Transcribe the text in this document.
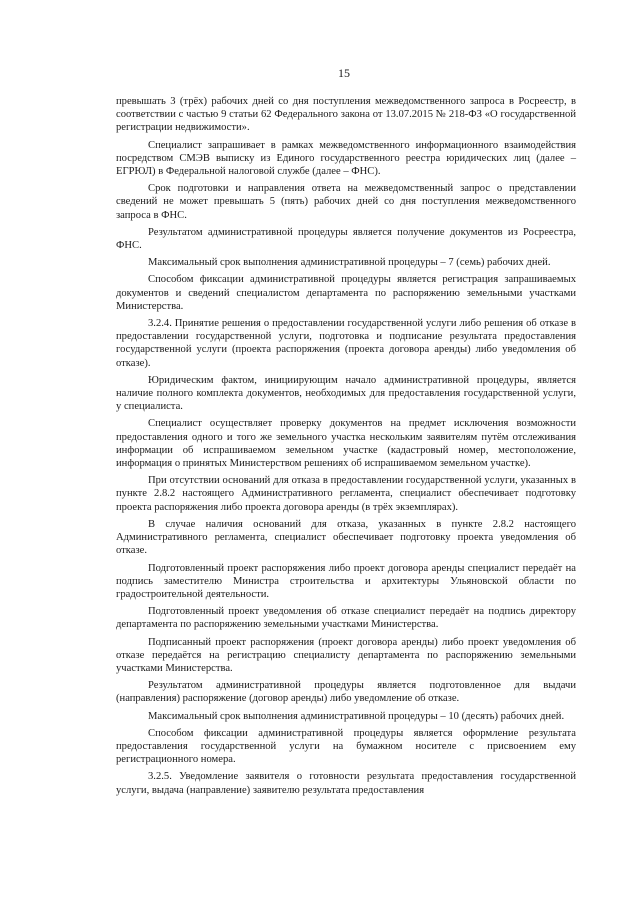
15

превышать 3 (трёх) рабочих дней со дня поступления межведомственного запроса в Росреестр, в соответствии с частью 9 статьи 62 Федерального закона от 13.07.2015 № 218-ФЗ «О государственной регистрации недвижимости».

Специалист запрашивает в рамках межведомственного информационного взаимодействия посредством СМЭВ выписку из Единого государственного реестра юридических лиц (далее – ЕГРЮЛ) в Федеральной налоговой службе (далее – ФНС).

Срок подготовки и направления ответа на межведомственный запрос о представлении сведений не может превышать 5 (пять) рабочих дней со дня поступления межведомственного запроса в ФНС.

Результатом административной процедуры является получение документов из Росреестра, ФНС.

Максимальный срок выполнения административной процедуры – 7 (семь) рабочих дней.

Способом фиксации административной процедуры является регистрация запрашиваемых документов и сведений специалистом департамента по распоряжению земельными участками Министерства.

3.2.4. Принятие решения о предоставлении государственной услуги либо решения об отказе в предоставлении государственной услуги, подготовка и подписание результата предоставления государственной услуги (проекта распоряжения (проекта договора аренды) либо уведомления об отказе).

Юридическим фактом, инициирующим начало административной процедуры, является наличие полного комплекта документов, необходимых для предоставления государственной услуги, у специалиста.

Специалист осуществляет проверку документов на предмет исключения возможности предоставления одного и того же земельного участка нескольким заявителям путём отслеживания информации об испрашиваемом земельном участке (кадастровый номер, местоположение, информация о принятых Министерством решениях об испрашиваемом земельном участке).

При отсутствии оснований для отказа в предоставлении государственной услуги, указанных в пункте 2.8.2 настоящего Административного регламента, специалист обеспечивает подготовку проекта распоряжения либо проекта договора аренды (в трёх экземплярах).

В случае наличия оснований для отказа, указанных в пункте 2.8.2 настоящего Административного регламента, специалист обеспечивает подготовку проекта уведомления об отказе.

Подготовленный проект распоряжения либо проект договора аренды специалист передаёт на подпись заместителю Министра строительства и архитектуры Ульяновской области по градостроительной деятельности.

Подготовленный проект уведомления об отказе специалист передаёт на подпись директору департамента по распоряжению земельными участками Министерства.

Подписанный проект распоряжения (проект договора аренды) либо проект уведомления об отказе передаётся на регистрацию специалисту департамента по распоряжению земельными участками Министерства.

Результатом административной процедуры является подготовленное для выдачи (направления) распоряжение (договор аренды) либо уведомление об отказе.

Максимальный срок выполнения административной процедуры – 10 (десять) рабочих дней.

Способом фиксации административной процедуры является оформление результата предоставления государственной услуги на бумажном носителе с присвоением ему регистрационного номера.

3.2.5. Уведомление заявителя о готовности результата предоставления государственной услуги, выдача (направление) заявителю результата предоставления
